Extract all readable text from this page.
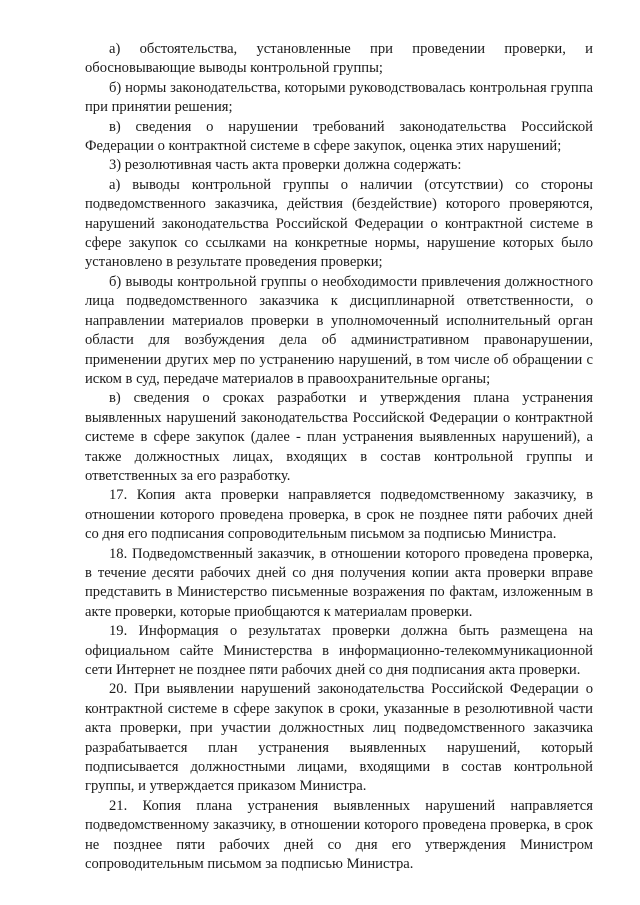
а) обстоятельства, установленные при проведении проверки, и обосновывающие выводы контрольной группы;

б) нормы законодательства, которыми руководствовалась контрольная группа при принятии решения;

в) сведения о нарушении требований законодательства Российской Федерации о контрактной системе в сфере закупок, оценка этих нарушений;

3) резолютивная часть акта проверки должна содержать:

а) выводы контрольной группы о наличии (отсутствии) со стороны подведомственного заказчика, действия (бездействие) которого проверяются, нарушений законодательства Российской Федерации о контрактной системе в сфере закупок со ссылками на конкретные нормы, нарушение которых было установлено в результате проведения проверки;

б) выводы контрольной группы о необходимости привлечения должностного лица подведомственного заказчика к дисциплинарной ответственности, о направлении материалов проверки в уполномоченный исполнительный орган области для возбуждения дела об административном правонарушении, применении других мер по устранению нарушений, в том числе об обращении с иском в суд, передаче материалов в правоохранительные органы;

в) сведения о сроках разработки и утверждения плана устранения выявленных нарушений законодательства Российской Федерации о контрактной системе в сфере закупок (далее - план устранения выявленных нарушений), а также должностных лицах, входящих в состав контрольной группы и ответственных за его разработку.

17. Копия акта проверки направляется подведомственному заказчику, в отношении которого проведена проверка, в срок не позднее пяти рабочих дней со дня его подписания сопроводительным письмом за подписью Министра.

18. Подведомственный заказчик, в отношении которого проведена проверка, в течение десяти рабочих дней со дня получения копии акта проверки вправе представить в Министерство письменные возражения по фактам, изложенным в акте проверки, которые приобщаются к материалам проверки.

19. Информация о результатах проверки должна быть размещена на официальном сайте Министерства в информационно-телекоммуникационной сети Интернет не позднее пяти рабочих дней со дня подписания акта проверки.

20. При выявлении нарушений законодательства Российской Федерации о контрактной системе в сфере закупок в сроки, указанные в резолютивной части акта проверки, при участии должностных лиц подведомственного заказчика разрабатывается план устранения выявленных нарушений, который подписывается должностными лицами, входящими в состав контрольной группы, и утверждается приказом Министра.

21. Копия плана устранения выявленных нарушений направляется подведомственному заказчику, в отношении которого проведена проверка, в срок не позднее пяти рабочих дней со дня его утверждения Министром сопроводительным письмом за подписью Министра.
